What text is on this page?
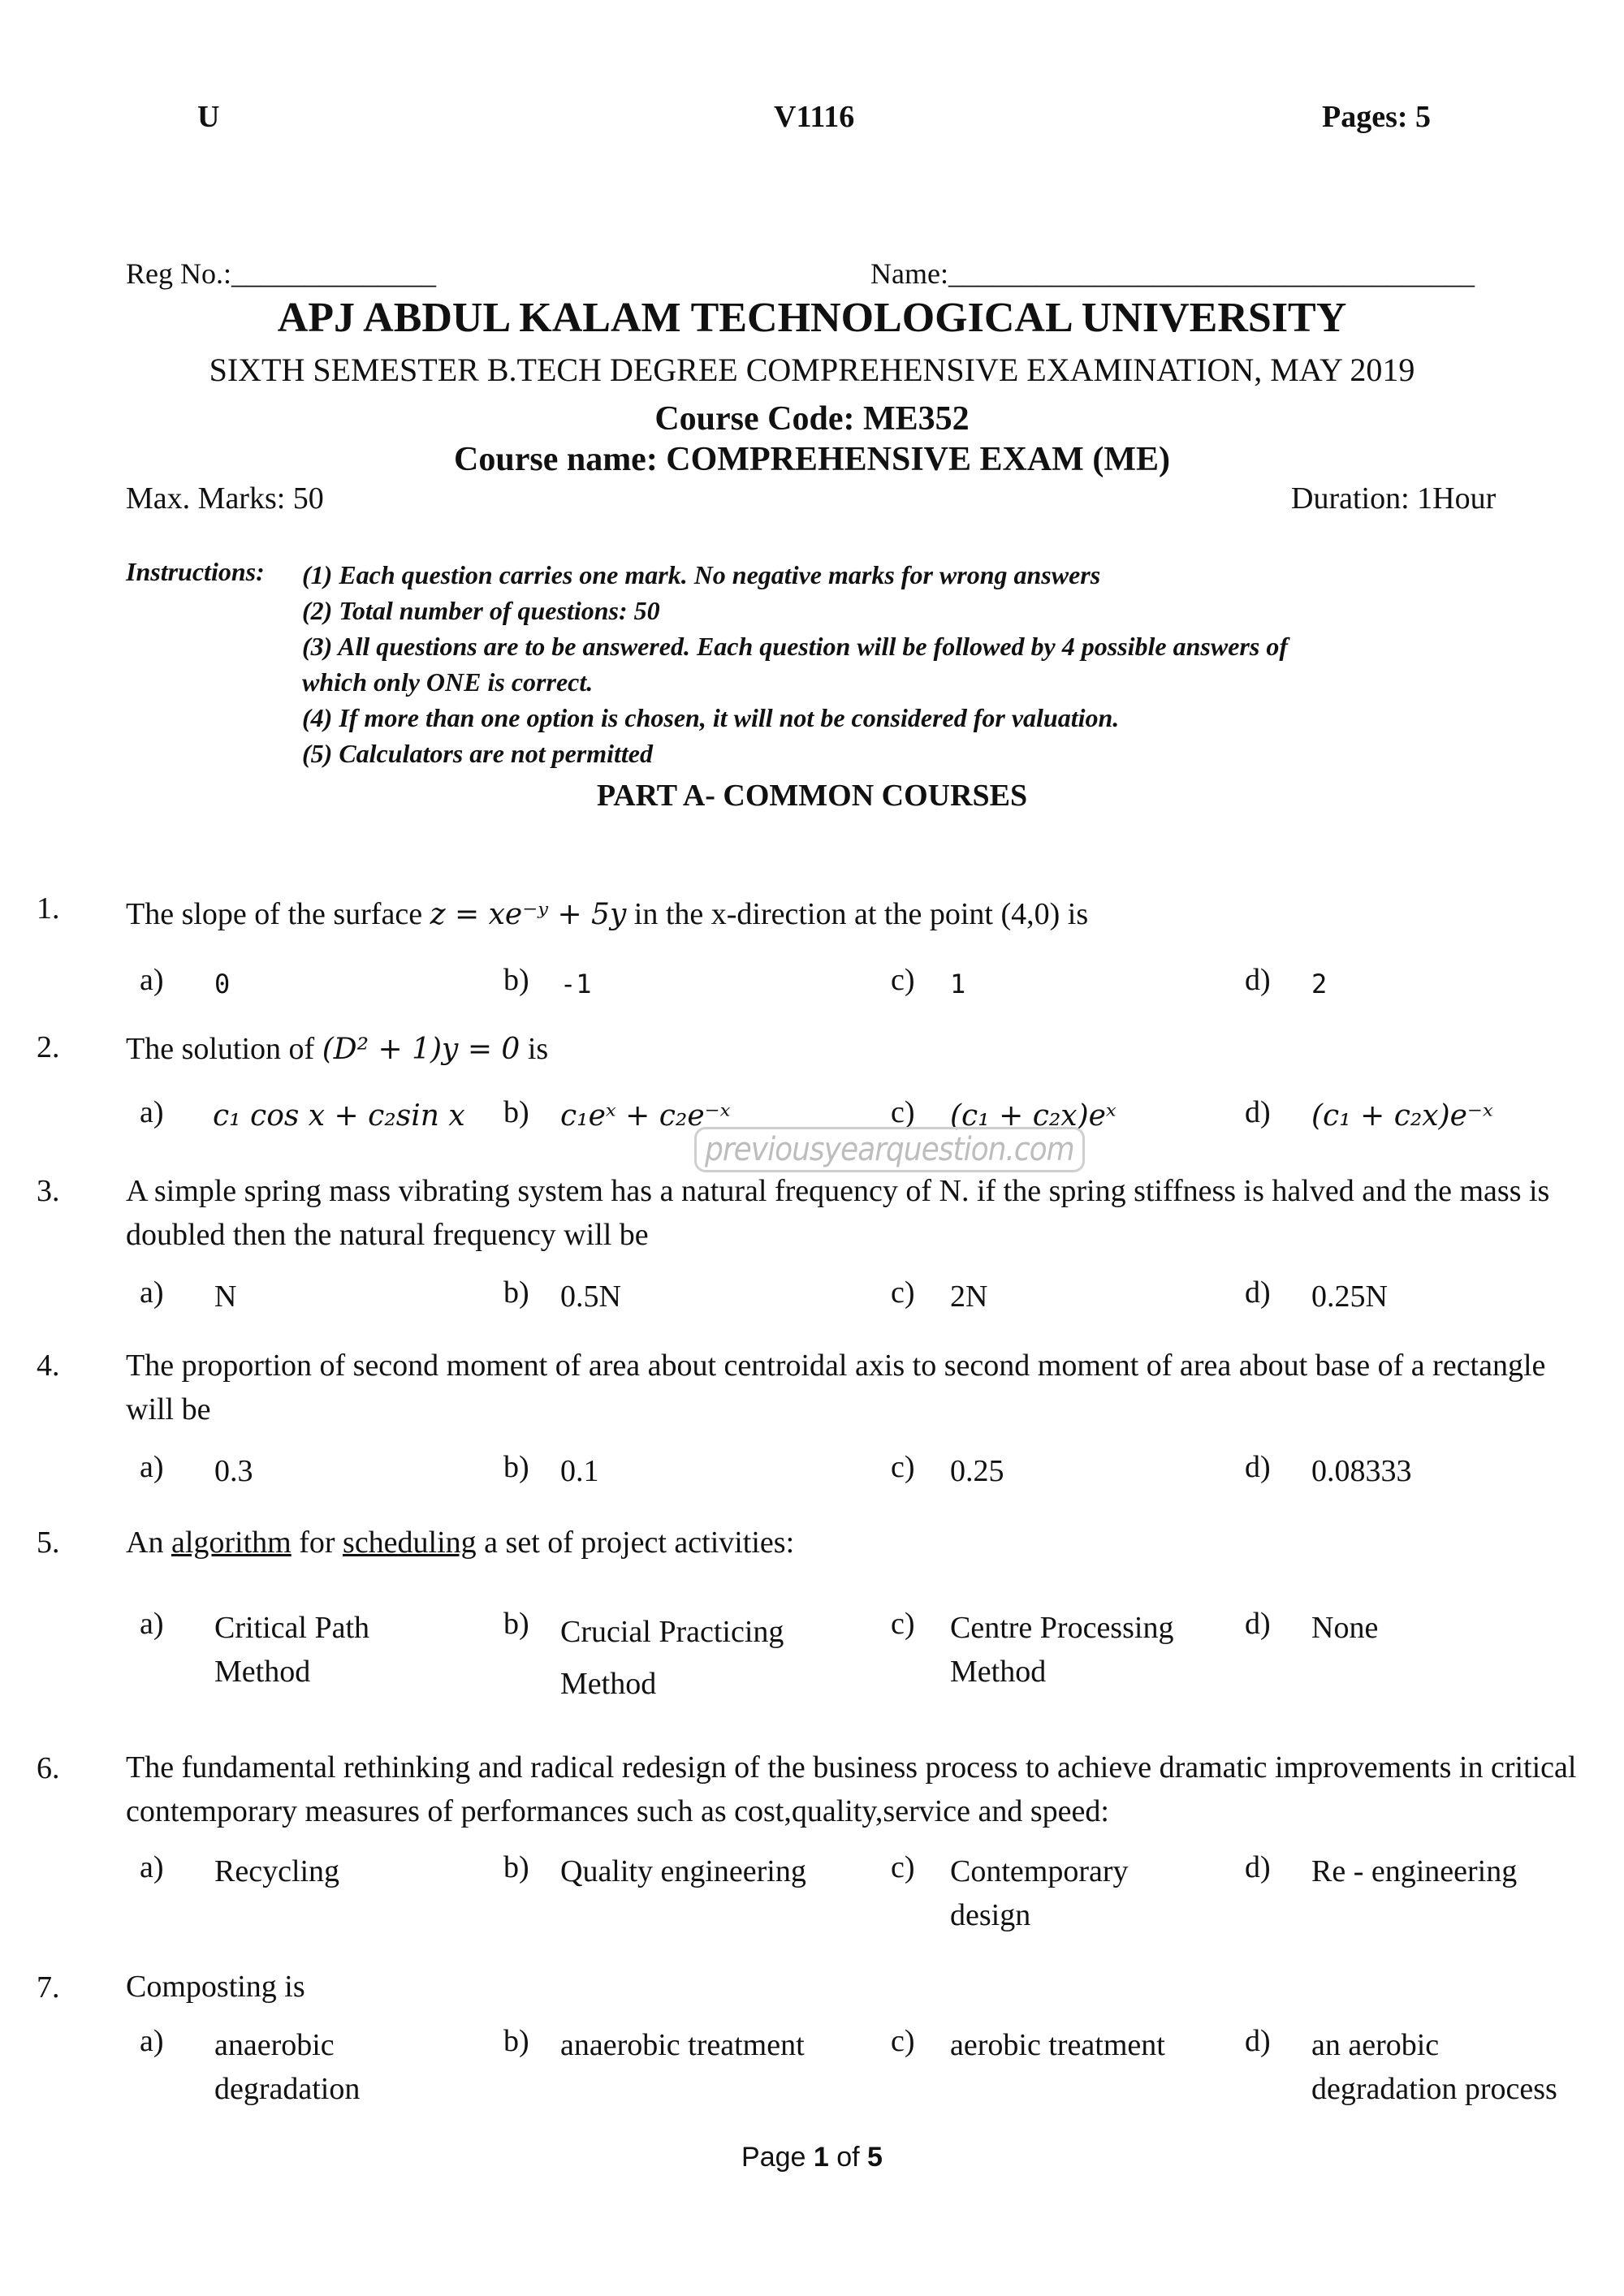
U	V1116	Pages: 5
Reg No.:______________	Name:____________________________________
APJ ABDUL KALAM TECHNOLOGICAL UNIVERSITY
SIXTH SEMESTER B.TECH DEGREE COMPREHENSIVE EXAMINATION, MAY 2019
Course Code: ME352
Course name: COMPREHENSIVE EXAM (ME)
Max. Marks: 50	Duration: 1Hour
Instructions: (1) Each question carries one mark. No negative marks for wrong answers
(2) Total number of questions: 50
(3) All questions are to be answered. Each question will be followed by 4 possible answers of
which only ONE is correct.
(4) If more than one option is chosen, it will not be considered for valuation.
(5) Calculators are not permitted
PART A- COMMON COURSES
1. The slope of the surface z = xe⁻ʸ + 5y in the x-direction at the point (4,0) is
a) 0	b) -1	c) 1	d) 2
2. The solution of (D² + 1)y = 0 is
a) c₁ cos x + c₂sin x b) c₁eˣ + c₂e⁻ˣ	c) (c₁ + c₂x)eˣ	d) (c₁ + c₂x)e⁻ˣ
previousyearquestion.com
3. A simple spring mass vibrating system has a natural frequency of N. if the spring stiffness is halved and the mass is doubled then the natural frequency will be
a) N	b) 0.5N	c) 2N	d) 0.25N
4. The proportion of second moment of area about centroidal axis to second moment of area about base of a rectangle will be
a) 0.3	b) 0.1	c) 0.25	d) 0.08333
5. An algorithm for scheduling a set of project activities:
a) Critical Path Method
b) Crucial Practicing Method
c) Centre Processing Method
d) None
6. The fundamental rethinking and radical redesign of the business process to achieve dramatic improvements in critical contemporary measures of performances such as cost,quality,service and speed:
a) Recycling	b) Quality engineering	c) Contemporary design
d) Re - engineering
7. Composting is
a) anaerobic degradation
b) anaerobic treatment	c) aerobic treatment	d) an aerobic degradation process
Page 1 of 5
